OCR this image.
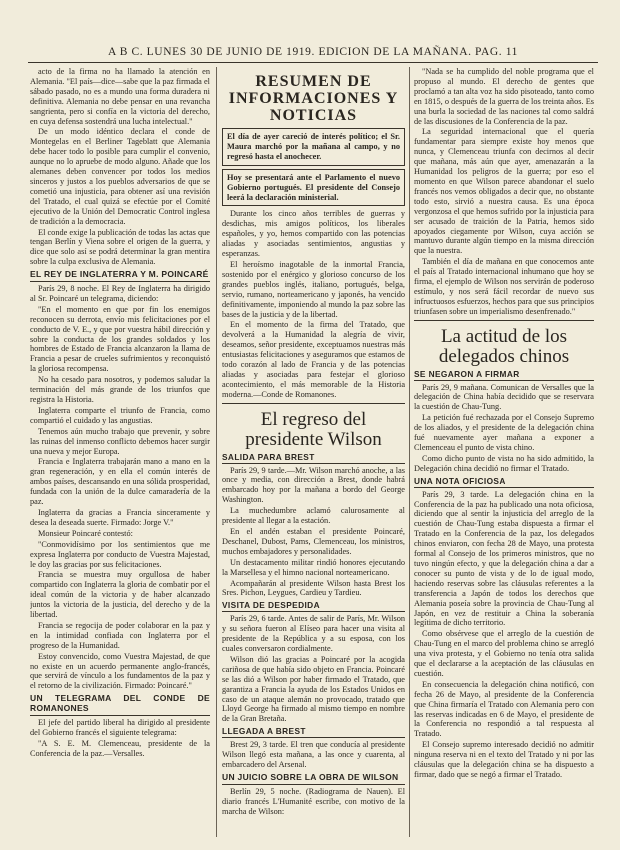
A B C. LUNES 30 DE JUNIO DE 1919. EDICION DE LA MAÑANA. PAG. 11

acto de la firma no ha llamado la atención en Alemania. "El país—dice—sabe que la paz firmada el sábado pasado, no es a mundo una forma duradera ni definitiva. Alemania no debe pensar en una revancha sangrienta, pero si confía en la victoria del derecho, en cuya defensa sostendrá una lucha intelectual."

De un modo idéntico declara el conde de Montegelas en el Berliner Tageblatt que Alemania debe hacer todo lo posible para cumplir el convenio, aunque no lo apruebe de modo alguno. Añade que los alemanes deben convencer por todos los medios sinceros y justos a los pueblos adversarios de que se cometió una injusticia, para obtener así una revisión del Tratado, el cual quizá se efectúe por el Comité ejecutivo de la Unión del Democratic Control inglesa de tradición a la democracia.

El conde exige la publicación de todas las actas que tengan Berlín y Viena sobre el origen de la guerra, y dice que solo así se podrá determinar la gran mentira sobre la culpa exclusiva de Alemania.

EL REY DE INGLATERRA Y M. POINCARÉ

París 29, 8 noche. El Rey de Inglaterra ha dirigido al Sr. Poincaré un telegrama, diciendo:

"En el momento en que por fin los enemigos reconocen su derrota, envío mis felicitaciones por el conducto de V. E., y que por vuestra hábil dirección y sobre la conducta de los grandes soldados y los hombres de Estado de Francia alcanzaron la llama de Francia a pesar de crueles sufrimientos y reconquistó la gloriosa recompensa.

No ha cesado para nosotros, y podemos saludar la terminación del más grande de los triunfos que registra la Historia.

Inglaterra comparte el triunfo de Francia, como compartió el cuidado y las angustias.

Tenemos aún mucho trabajo que prevenir, y sobre las ruinas del inmenso conflicto debemos hacer surgir una nueva y mejor Europa.

Francia e Inglaterra trabajarán mano a mano en la gran regeneración, y en ella el común interés de ambos países, descansando en una sólida prosperidad, fundada con la unión de la dulce camaradería de la paz.

Inglaterra da gracias a Francia sinceramente y desea la deseada suerte. Firmado: Jorge V."

Monsieur Poincaré contestó:

"Conmovidísimo por los sentimientos que me expresa Inglaterra por conducto de Vuestra Majestad, le doy las gracias por sus felicitaciones.

Francia se muestra muy orgullosa de haber compartido con Inglaterra la gloria de combatir por el ideal común de la victoria y de haber alcanzado juntos la victoria de la justicia, del derecho y de la libertad.

Francia se regocija de poder colaborar en la paz y en la intimidad confiada con Inglaterra por el progreso de la Humanidad.

Estoy convencido, como Vuestra Majestad, de que no existe en un acuerdo permanente anglo-francés, que servirá de vínculo a los fundamentos de la paz y el retorno de la civilización. Firmado: Poincaré."

UN TELEGRAMA DEL CONDE DE ROMANONES

El jefe del partido liberal ha dirigido al presidente del Gobierno francés el siguiente telegrama:

"A S. E. M. Clemenceau, presidente de la Conferencia de la paz.—Versalles.

RESUMEN DE INFORMACIONES Y NOTICIAS
El día de ayer careció de interés político; el Sr. Maura marchó por la mañana al campo, y no regresó hasta el anochecer.
Hoy se presentará ante el Parlamento el nuevo Gobierno portugués. El presidente del Consejo leerá la declaración ministerial.

Durante los cinco años terribles de guerras y desdichas, mis amigos políticos, los liberales españoles, y yo, hemos compartido con las potencias aliadas y asociadas sentimientos, angustias y esperanzas.

El heroísmo inagotable de la inmortal Francia, sostenido por el enérgico y glorioso concurso de los grandes pueblos inglés, italiano, portugués, belga, servio, rumano, norteamericano y japonés, ha vencido definitivamente, imponiendo al mundo la paz sobre las bases de la justicia y de la libertad.

En el momento de la firma del Tratado, que devolverá a la Humanidad la alegría de vivir, deseamos, señor presidente, exceptuamos nuestras más entusiastas felicitaciones y aseguramos que estamos de todo corazón al lado de Francia y de las potencias aliadas y asociadas para festejar el glorioso acontecimiento, el más memorable de la Historia moderna.—Conde de Romanones.

El regreso del presidente Wilson
SALIDA PARA BREST

París 29, 9 tarde.—Mr. Wilson marchó anoche, a las once y media, con dirección a Brest, donde habrá embarcado hoy por la mañana a bordo del George Washington.

La muchedumbre aclamó calurosamente al presidente al llegar a la estación.

En el andén estaban el presidente Poincaré, Deschanel, Dubost, Pams, Clemenceau, los ministros, muchos embajadores y personalidades.

Un destacamento militar rindió honores ejecutando la Marsellesa y el himno nacional norteamericano.

Acompañarán al presidente Wilson hasta Brest los Sres. Pichon, Leygues, Cardieu y Tardieu.

VISITA DE DESPEDIDA

París 29, 6 tarde. Antes de salir de París, Mr. Wilson y su señora fueron al Elíseo para hacer una visita al presidente de la República y a su esposa, con los cuales conversaron cordialmente.

Wilson dió las gracias a Poincaré por la acogida cariñosa de que había sido objeto en Francia. Poincaré se las dió a Wilson por haber firmado el Tratado, que garantiza a Francia la ayuda de los Estados Unidos en caso de un ataque alemán no provocado, tratado que Lloyd George ha firmado al mismo tiempo en nombre de la Gran Bretaña.

LLEGADA A BREST

Brest 29, 3 tarde. El tren que conducía al presidente Wilson llegó esta mañana, a las once y cuarenta, al embarcadero del Arsenal.

UN JUICIO SOBRE LA OBRA DE WILSON

Berlín 29, 5 noche. (Radiograma de Nauen). El diario francés L'Humanité escribe, con motivo de la marcha de Wilson:

"Nada se ha cumplido del noble programa que el propuso al mundo. El derecho de gentes que proclamó a tan alta voz ha sido pisoteado, tanto como en 1815, o después de la guerra de los treinta años. Es una burla la sociedad de las naciones tal como saldrá de las discusiones de la Conferencia de la paz.

La seguridad internacional que el quería fundamentar para siempre existe hoy menos que nunca, y Clemenceau triunfa con decirnos al decir que mañana, más aún que ayer, amenazarán a la Humanidad los peligros de la guerra; por eso el momento en que Wilson parece abandonar el suelo francés nos vemos obligados a decir que, no obstante todo esto, sirvió a nuestra causa. Es una época vergonzosa el que hemos sufrido por la injusticia para ser acusado de traición de la Patria, hemos sido apoyados ciegamente por Wilson, cuya acción se mantuvo durante algún tiempo en la misma dirección que la nuestra.

También el día de mañana en que conocemos ante el país al Tratado internacional inhumano que hoy se firma, el ejemplo de Wilson nos servirán de poderoso estímulo, y nos será fácil recordar de nuevo sus infructuosos esfuerzos, hechos para que sus principios triunfasen sobre un imperialismo desenfrenado."

La actitud de los delegados chinos
SE NEGARON A FIRMAR

París 29, 9 mañana. Comunican de Versalles que la delegación de China había decidido que se reservara la cuestión de Chau-Tung.

La petición fué rechazada por el Consejo Supremo de los aliados, y el presidente de la delegación china fué nuevamente ayer mañana a exponer a Clemenceau el punto de vista chino.

Como dicho punto de vista no ha sido admitido, la Delegación china decidió no firmar el Tratado.

UNA NOTA OFICIOSA

París 29, 3 tarde. La delegación china en la Conferencia de la paz ha publicado una nota oficiosa, diciendo que al sentir la injusticia del arreglo de la cuestión de Chau-Tung estaba dispuesta a firmar el Tratado en la Conferencia de la paz, los delegados chinos enviaron, con fecha 28 de Mayo, una protesta formal al Consejo de los primeros ministros, que no tuvo ningún efecto, y que la delegación china a dar a conocer su punto de vista y de lo de igual modo, haciendo reservas sobre las cláusulas referentes a la transferencia a Japón de todos los derechos que Alemania poseía sobre la provincia de Chau-Tung al Japón, en vez de restituir a China la soberanía legítima de dicho territorio.

Como obsérvese que el arreglo de la cuestión de Chau-Tung en el marco del problema chino se arregló una viva protesta, y el Gobierno no tenía otra salida que el declararse a la aceptación de las cláusulas en cuestión.

En consecuencia la delegación china notificó, con fecha 26 de Mayo, al presidente de la Conferencia que China firmaría el Tratado con Alemania pero con las reservas indicadas en 6 de Mayo, el presidente de la Conferencia no respondió a tal respuesta al Tratado.

El Consejo supremo interesado decidió no admitir ninguna reserva ni en el texto del Tratado y ni por las cláusulas que la delegación china se ha dispuesto a firmar, dado que se negó a firmar el Tratado.
